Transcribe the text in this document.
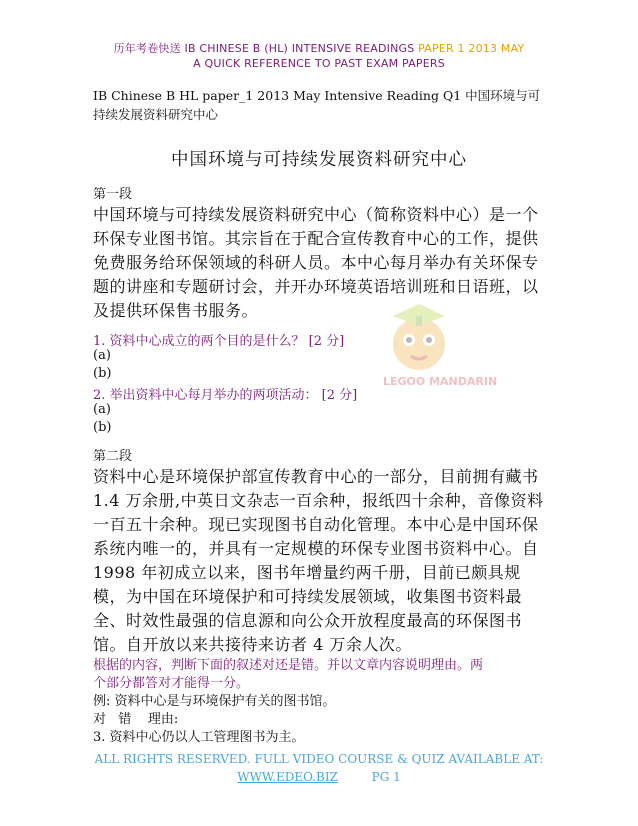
历年考卷快送 IB CHINESE B (HL) INTENSIVE READINGS PAPER 1 2013 MAY
A QUICK REFERENCE TO PAST EXAM PAPERS
LEGOO MANDARIN
IB Chinese B HL paper_1 2013 May Intensive Reading Q1 中国环境与可
持续发展资料研究中心
中国环境与可持续发展资料研究中心
第一段
中国环境与可持续发展资料研究中心（简称资料中心）是一个
环保专业图书馆。其宗旨在于配合宣传教育中心的工作，提供
免费服务给环保领域的科研人员。本中心每月举办有关环保专
题的讲座和专题研讨会，并开办环境英语培训班和日语班，以
及提供环保售书服务。
1. 资料中心成立的两个目的是什么？ [2 分]
(a)
(b)
2. 举出资料中心每月举办的两项活动： [2 分]
(a)
(b)
第二段
资料中心是环境保护部宣传教育中心的一部分，目前拥有藏书
1.4 万余册,中英日文杂志一百余种，报纸四十余种，音像资料
一百五十余种。现已实现图书自动化管理。本中心是中国环保
系统内唯一的，并具有一定规模的环保专业图书资料中心。自
1998 年初成立以来，图书年增量约两千册，目前已颇具规
模，为中国在环境保护和可持续发展领域，收集图书资料最
全、时效性最强的信息源和向公众开放程度最高的环保图书
馆。自开放以来共接待来访者 4 万余人次。
根据的内容，判断下面的叙述对还是错。并以文章内容说明理由。两
个部分都答对才能得一分。
例: 资料中心是与环境保护有关的图书馆。
对   错    理由:
3. 资料中心仍以人工管理图书为主。
ALL RIGHTS RESERVED. FULL VIDEO COURSE & QUIZ AVAILABLE AT:
WWW.EDEO.BIZ	PG 1
